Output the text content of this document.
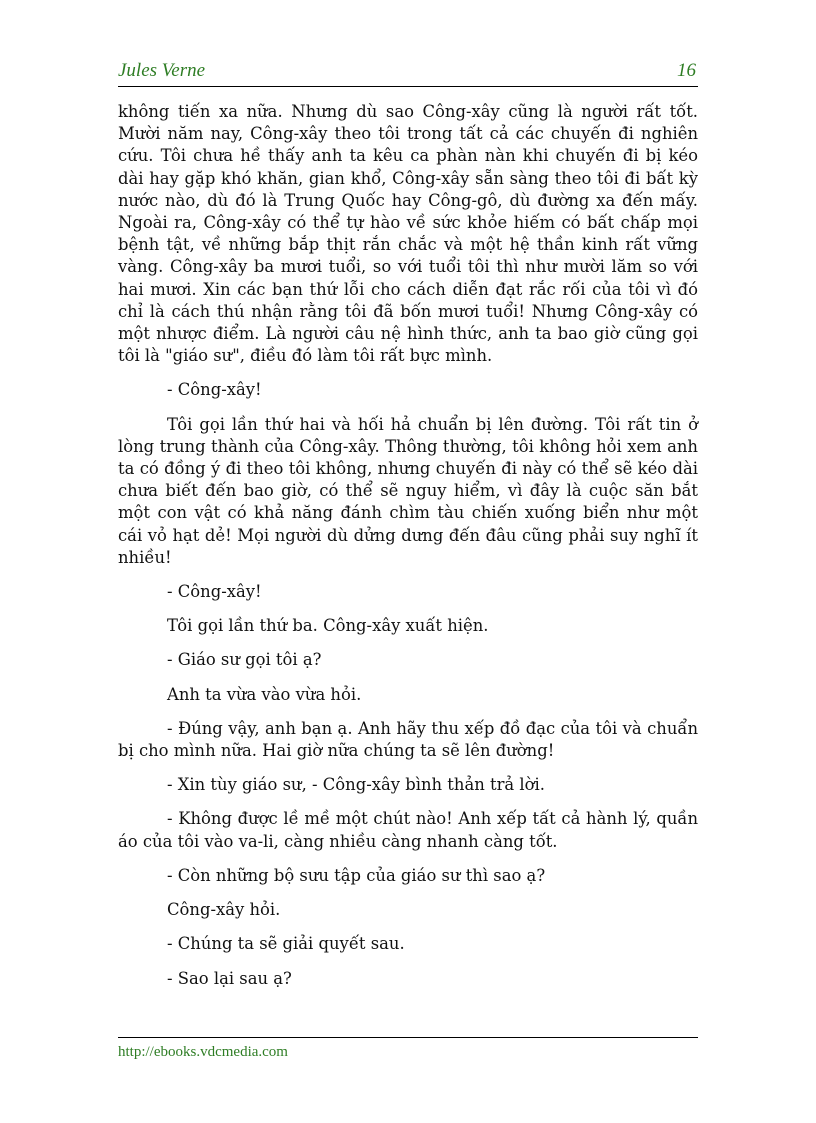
Jules Verne	16

không tiến xa nữa. Nhưng dù sao Công-xây cũng là người rất tốt. Mười năm nay, Công-xây theo tôi trong tất cả các chuyến đi nghiên cứu. Tôi chưa hề thấy anh ta kêu ca phàn nàn khi chuyến đi bị kéo dài hay gặp khó khăn, gian khổ, Công-xây sẵn sàng theo tôi đi bất kỳ nước nào, dù đó là Trung Quốc hay Công-gô, dù đường xa đến mấy. Ngoài ra, Công-xây có thể tự hào về sức khỏe hiếm có bất chấp mọi bệnh tật, về những bắp thịt rắn chắc và một hệ thần kinh rất vững vàng. Công-xây ba mươi tuổi, so với tuổi tôi thì như mười lăm so với hai mươi. Xin các bạn thứ lỗi cho cách diễn đạt rắc rối của tôi vì đó chỉ là cách thú nhận rằng tôi đã bốn mươi tuổi! Nhưng Công-xây có một nhược điểm. Là người câu nệ hình thức, anh ta bao giờ cũng gọi tôi là "giáo sư", điều đó làm tôi rất bực mình.

- Công-xây!

Tôi gọi lần thứ hai và hối hả chuẩn bị lên đường. Tôi rất tin ở lòng trung thành của Công-xây. Thông thường, tôi không hỏi xem anh ta có đồng ý đi theo tôi không, nhưng chuyến đi này có thể sẽ kéo dài chưa biết đến bao giờ, có thể sẽ nguy hiểm, vì đây là cuộc săn bắt một con vật có khả năng đánh chìm tàu chiến xuống biển như một cái vỏ hạt dẻ! Mọi người dù dửng dưng đến đâu cũng phải suy nghĩ ít nhiều!

- Công-xây!

Tôi gọi lần thứ ba. Công-xây xuất hiện.

- Giáo sư gọi tôi ạ?

Anh ta vừa vào vừa hỏi.

- Đúng vậy, anh bạn ạ. Anh hãy thu xếp đồ đạc của tôi và chuẩn bị cho mình nữa. Hai giờ nữa chúng ta sẽ lên đường!

- Xin tùy giáo sư, - Công-xây bình thản trả lời.

- Không được lề mề một chút nào! Anh xếp tất cả hành lý, quần áo của tôi vào va-li, càng nhiều càng nhanh càng tốt.

- Còn những bộ sưu tập của giáo sư thì sao ạ?

Công-xây hỏi.

- Chúng ta sẽ giải quyết sau.

- Sao lại sau ạ?

http://ebooks.vdcmedia.com
